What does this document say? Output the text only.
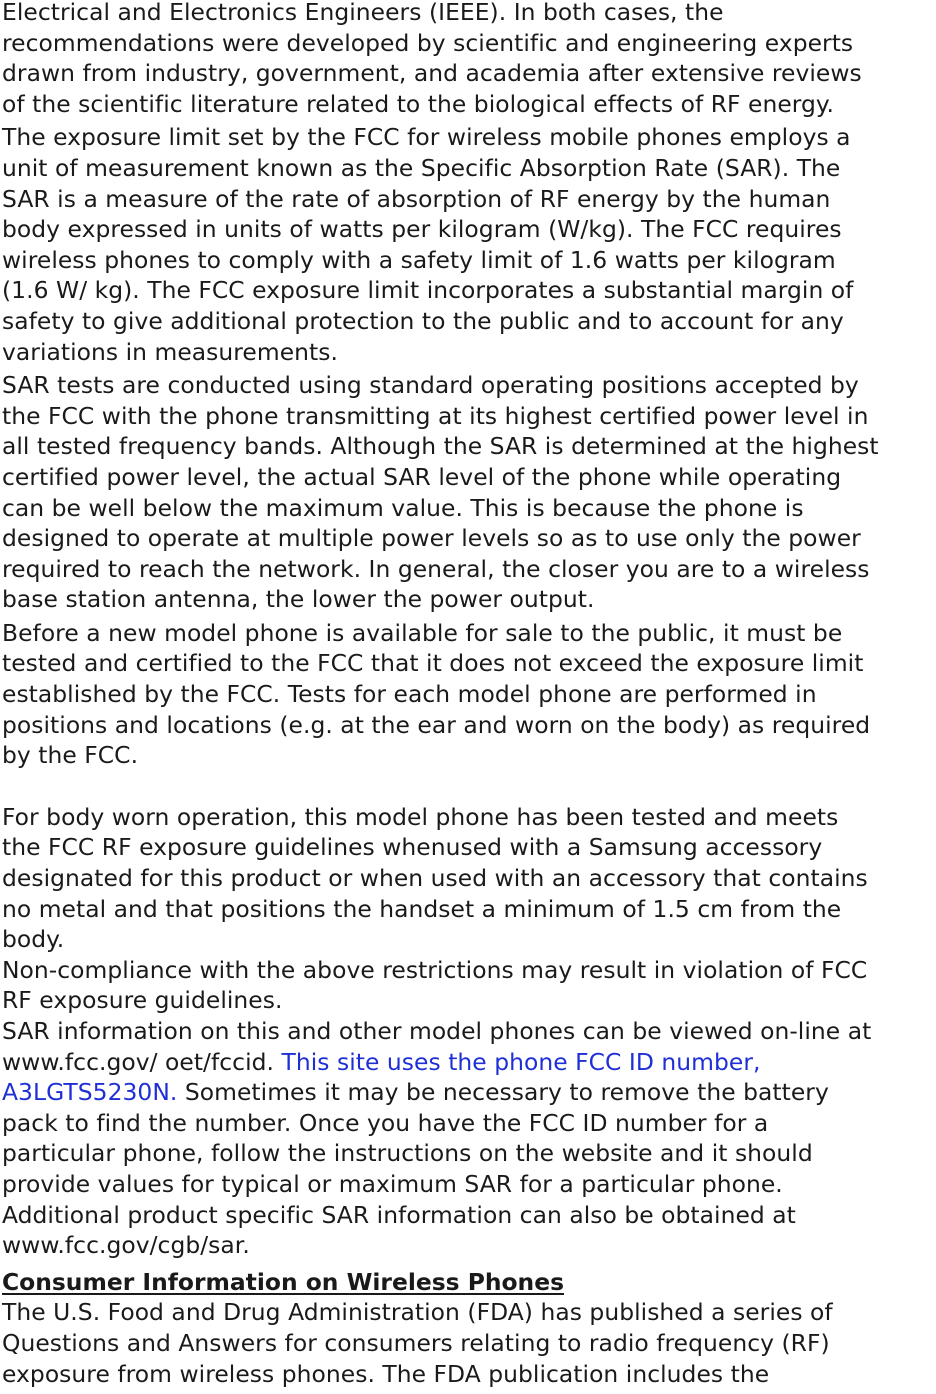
Electrical and Electronics Engineers (IEEE). In both cases, the
recommendations were developed by scientific and engineering experts
drawn from industry, government, and academia after extensive reviews
of the scientific literature related to the biological effects of RF energy.

The exposure limit set by the FCC for wireless mobile phones employs a
unit of measurement known as the Specific Absorption Rate (SAR). The
SAR is a measure of the rate of absorption of RF energy by the human
body expressed in units of watts per kilogram (W/kg). The FCC requires
wireless phones to comply with a safety limit of 1.6 watts per kilogram
(1.6 W/ kg). The FCC exposure limit incorporates a substantial margin of
safety to give additional protection to the public and to account for any
variations in measurements.

SAR tests are conducted using standard operating positions accepted by
the FCC with the phone transmitting at its highest certified power level in
all tested frequency bands. Although the SAR is determined at the highest
certified power level, the actual SAR level of the phone while operating
can be well below the maximum value. This is because the phone is
designed to operate at multiple power levels so as to use only the power
required to reach the network. In general, the closer you are to a wireless
base station antenna, the lower the power output.

Before a new model phone is available for sale to the public, it must be
tested and certified to the FCC that it does not exceed the exposure limit
established by the FCC. Tests for each model phone are performed in
positions and locations (e.g. at the ear and worn on the body) as required
by the FCC.

For body worn operation, this model phone has been tested and meets
the FCC RF exposure guidelines whenused with a Samsung accessory
designated for this product or when used with an accessory that contains
no metal and that positions the handset a minimum of 1.5 cm from the
body.

Non-compliance with the above restrictions may result in violation of FCC
RF exposure guidelines.

SAR information on this and other model phones can be viewed on-line at
www.fcc.gov/ oet/fccid. This site uses the phone FCC ID number,
A3LGTS5230N. Sometimes it may be necessary to remove the battery
pack to find the number. Once you have the FCC ID number for a
particular phone, follow the instructions on the website and it should
provide values for typical or maximum SAR for a particular phone.
Additional product specific SAR information can also be obtained at
www.fcc.gov/cgb/sar.

Consumer Information on Wireless Phones

The U.S. Food and Drug Administration (FDA) has published a series of
Questions and Answers for consumers relating to radio frequency (RF)
exposure from wireless phones. The FDA publication includes the
